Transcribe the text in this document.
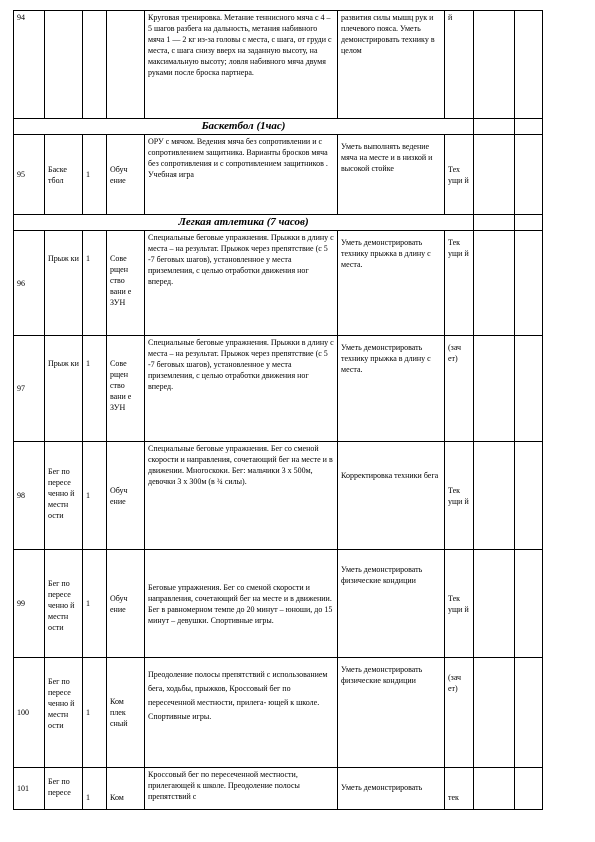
94				Круговая тренировка. Метание теннисного мяча с 4 – 5 шагов разбега на дальность, метания набивного мяча 1 — 2 кг из-за головы с места, с шага, от груди с места, с шага снизу вверх на заданную высоту, на максимальную высоту; ловля набивного мяча двумя руками после броска партнера.	развития силы мышц рук и плечевого пояса. Уметь демонстрировать технику в целом	й		
Баскетбол (1час)								
95	Баске тбол	1	Обуч ение	ОРУ с мячом. Ведения мяча без сопротивлении и с сопротивлением защитника. Варианты бросков мяча без сопротивления и с сопротивлением защитников . Учебная игра	Уметь выполнять ведение мяча на месте и в низкой и высокой стойке	Тех ущи й		
Легкая атлетика (7 часов)								
96	Прыж ки	1	Сове рщен ство вани е ЗУН	Специальные беговые упражнения. Прыжки в длину с места – на результат. Прыжок через препятствие (с 5 -7 беговых шагов), установленное у места приземления, с целью отработки движения ног вперед.	Уметь демонстрировать технику прыжка в длину с места.	Тек ущи й		
97	Прыж ки	1	Сове рщен ство вани е ЗУН	Специальные беговые упражнения. Прыжки в длину с места – на результат. Прыжок через препятствие (с 5 -7 беговых шагов), установленное у места приземления, с целью отработки движения ног вперед.	Уметь демонстрировать технику прыжка в длину с места.	(зач ет)		
98	Бег по пересе ченно й местн ости	1	Обуч ение	Специальные беговые упражнения. Бег со сменой скорости и направления, сочетающий бег на месте и в движении. Многоскоки. Бег: мальчики 3 х 500м, девочки 3 х 300м (в ¾ силы).	Корректировка техники бега	Тек ущи й		
99	Бег по пересе ченно й местн ости	1	Обуч ение	Беговые упражнения. Бег со сменой скорости и направления, сочетающий бег на месте и в движении. Бег в равномерном темпе до 20 минут – юноши, до 15 минут – девушки. Спортивные игры.	Уметь демонстрировать физические кондиции	Тек ущи й		
100	Бег по пересе ченно й местн ости	1	Ком плек сный	Преодоление полосы препятствий с использованием бега, ходьбы, прыжков, Кроссовый бег по пересеченной местности, прилега- ющей к школе. Спортивные игры.	Уметь демонстрировать физические кондиции	(зач ет)		
101	Бег по пересе	1	Ком	Кроссовый бег по пересеченной местности, прилегающей к школе. Преодоление полосы препятствий с	Уметь демонстрировать	тек		
